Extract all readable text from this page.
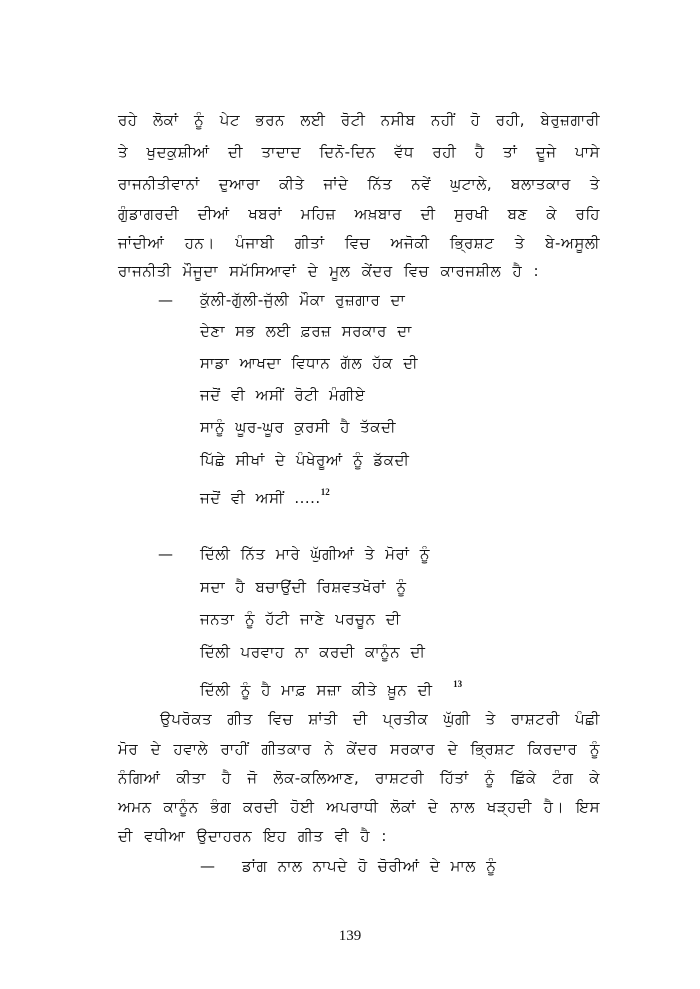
ਰਹੇ ਲੋਕਾਂ ਨੂੰ ਪੇਟ ਭਰਨ ਲਈ ਰੋਟੀ ਨਸੀਬ ਨਹੀਂ ਹੋ ਰਹੀ, ਬੇਰੁਜ਼ਗਾਰੀ
ਤੇ ਖੁਦਕੁਸ਼ੀਆਂ ਦੀ ਤਾਦਾਦ ਦਿਨੋ-ਦਿਨ ਵੱਧ ਰਹੀ ਹੈ ਤਾਂ ਦੂਜੇ ਪਾਸੇ
ਰਾਜਨੀਤੀਵਾਨਾਂ ਦੁਆਰਾ ਕੀਤੇ ਜਾਂਦੇ ਨਿੱਤ ਨਵੇਂ ਘੁਟਾਲੇ, ਬਲਾਤਕਾਰ ਤੇ
ਗੁੰਡਾਗਰਦੀ ਦੀਆਂ ਖਬਰਾਂ ਮਹਿਜ਼ ਅਖ਼ਬਾਰ ਦੀ ਸੁਰਖੀ ਬਣ ਕੇ ਰਹਿ
ਜਾਂਦੀਆਂ ਹਨ। ਪੰਜਾਬੀ ਗੀਤਾਂ ਵਿਚ ਅਜੋਕੀ ਭ੍ਰਿਸ਼ਟ ਤੇ ਬੇ-ਅਸੂਲੀ
ਰਾਜਨੀਤੀ ਮੌਜੂਦਾ ਸਮੱਸਿਆਵਾਂ ਦੇ ਮੂਲ ਕੇਂਦਰ ਵਿਚ ਕਾਰਜਸ਼ੀਲ ਹੈ :
— ਕੁੱਲੀ-ਗੁੱਲੀ-ਜੁੱਲੀ ਮੌਕਾ ਰੁਜ਼ਗਾਰ ਦਾ
ਦੇਣਾ ਸਭ ਲਈ ਫ਼ਰਜ਼ ਸਰਕਾਰ ਦਾ
ਸਾਡਾ ਆਖਦਾ ਵਿਧਾਨ ਗੱਲ ਹੱਕ ਦੀ
ਜਦੋਂ ਵੀ ਅਸੀਂ ਰੋਟੀ ਮੰਗੀਏ
ਸਾਨੂੰ ਘੂਰ-ਘੂਰ ਕੁਰਸੀ ਹੈ ਤੱਕਦੀ
ਪਿੱਛੇ ਸੀਖਾਂ ਦੇ ਪੰਖੇਰੂਆਂ ਨੂੰ ਡੱਕਦੀ
ਜਦੋਂ ਵੀ ਅਸੀਂ .....$^{12}$
— ਦਿੱਲੀ ਨਿੱਤ ਮਾਰੇ ਘੁੱਗੀਆਂ ਤੇ ਮੋਰਾਂ ਨੂੰ
ਸਦਾ ਹੈ ਬਚਾਉਂਦੀ ਰਿਸ਼ਵਤਖੋਰਾਂ ਨੂੰ
ਜਨਤਾ ਨੂੰ ਹੱਟੀ ਜਾਣੇ ਪਰਚੂਨ ਦੀ
ਦਿੱਲੀ ਪਰਵਾਹ ਨਾ ਕਰਦੀ ਕਾਨੂੰਨ ਦੀ
ਦਿੱਲੀ ਨੂੰ ਹੈ ਮਾਫ਼ ਸਜ਼ਾ ਕੀਤੇ ਖ਼ੂਨ ਦੀ $^{13}$
ਉਪਰੋਕਤ ਗੀਤ ਵਿਚ ਸ਼ਾਂਤੀ ਦੀ ਪ੍ਰਤੀਕ ਘੁੱਗੀ ਤੇ ਰਾਸ਼ਟਰੀ ਪੰਛੀ
ਮੋਰ ਦੇ ਹਵਾਲੇ ਰਾਹੀਂ ਗੀਤਕਾਰ ਨੇ ਕੇਂਦਰ ਸਰਕਾਰ ਦੇ ਭ੍ਰਿਸ਼ਟ ਕਿਰਦਾਰ ਨੂੰ
ਨੰਗਿਆਂ ਕੀਤਾ ਹੈ ਜੋ ਲੋਕ-ਕਲਿਆਣ, ਰਾਸ਼ਟਰੀ ਹਿੱਤਾਂ ਨੂੰ ਛਿੱਕੇ ਟੰਗ ਕੇ
ਅਮਨ ਕਾਨੂੰਨ ਭੰਗ ਕਰਦੀ ਹੋਈ ਅਪਰਾਧੀ ਲੋਕਾਂ ਦੇ ਨਾਲ ਖੜ੍ਹਦੀ ਹੈ। ਇਸ
ਦੀ ਵਧੀਆ ਉਦਾਹਰਨ ਇਹ ਗੀਤ ਵੀ ਹੈ :
— ਡਾਂਗ ਨਾਲ ਨਾਪਦੇ ਹੋ ਚੋਰੀਆਂ ਦੇ ਮਾਲ ਨੂੰ
139
